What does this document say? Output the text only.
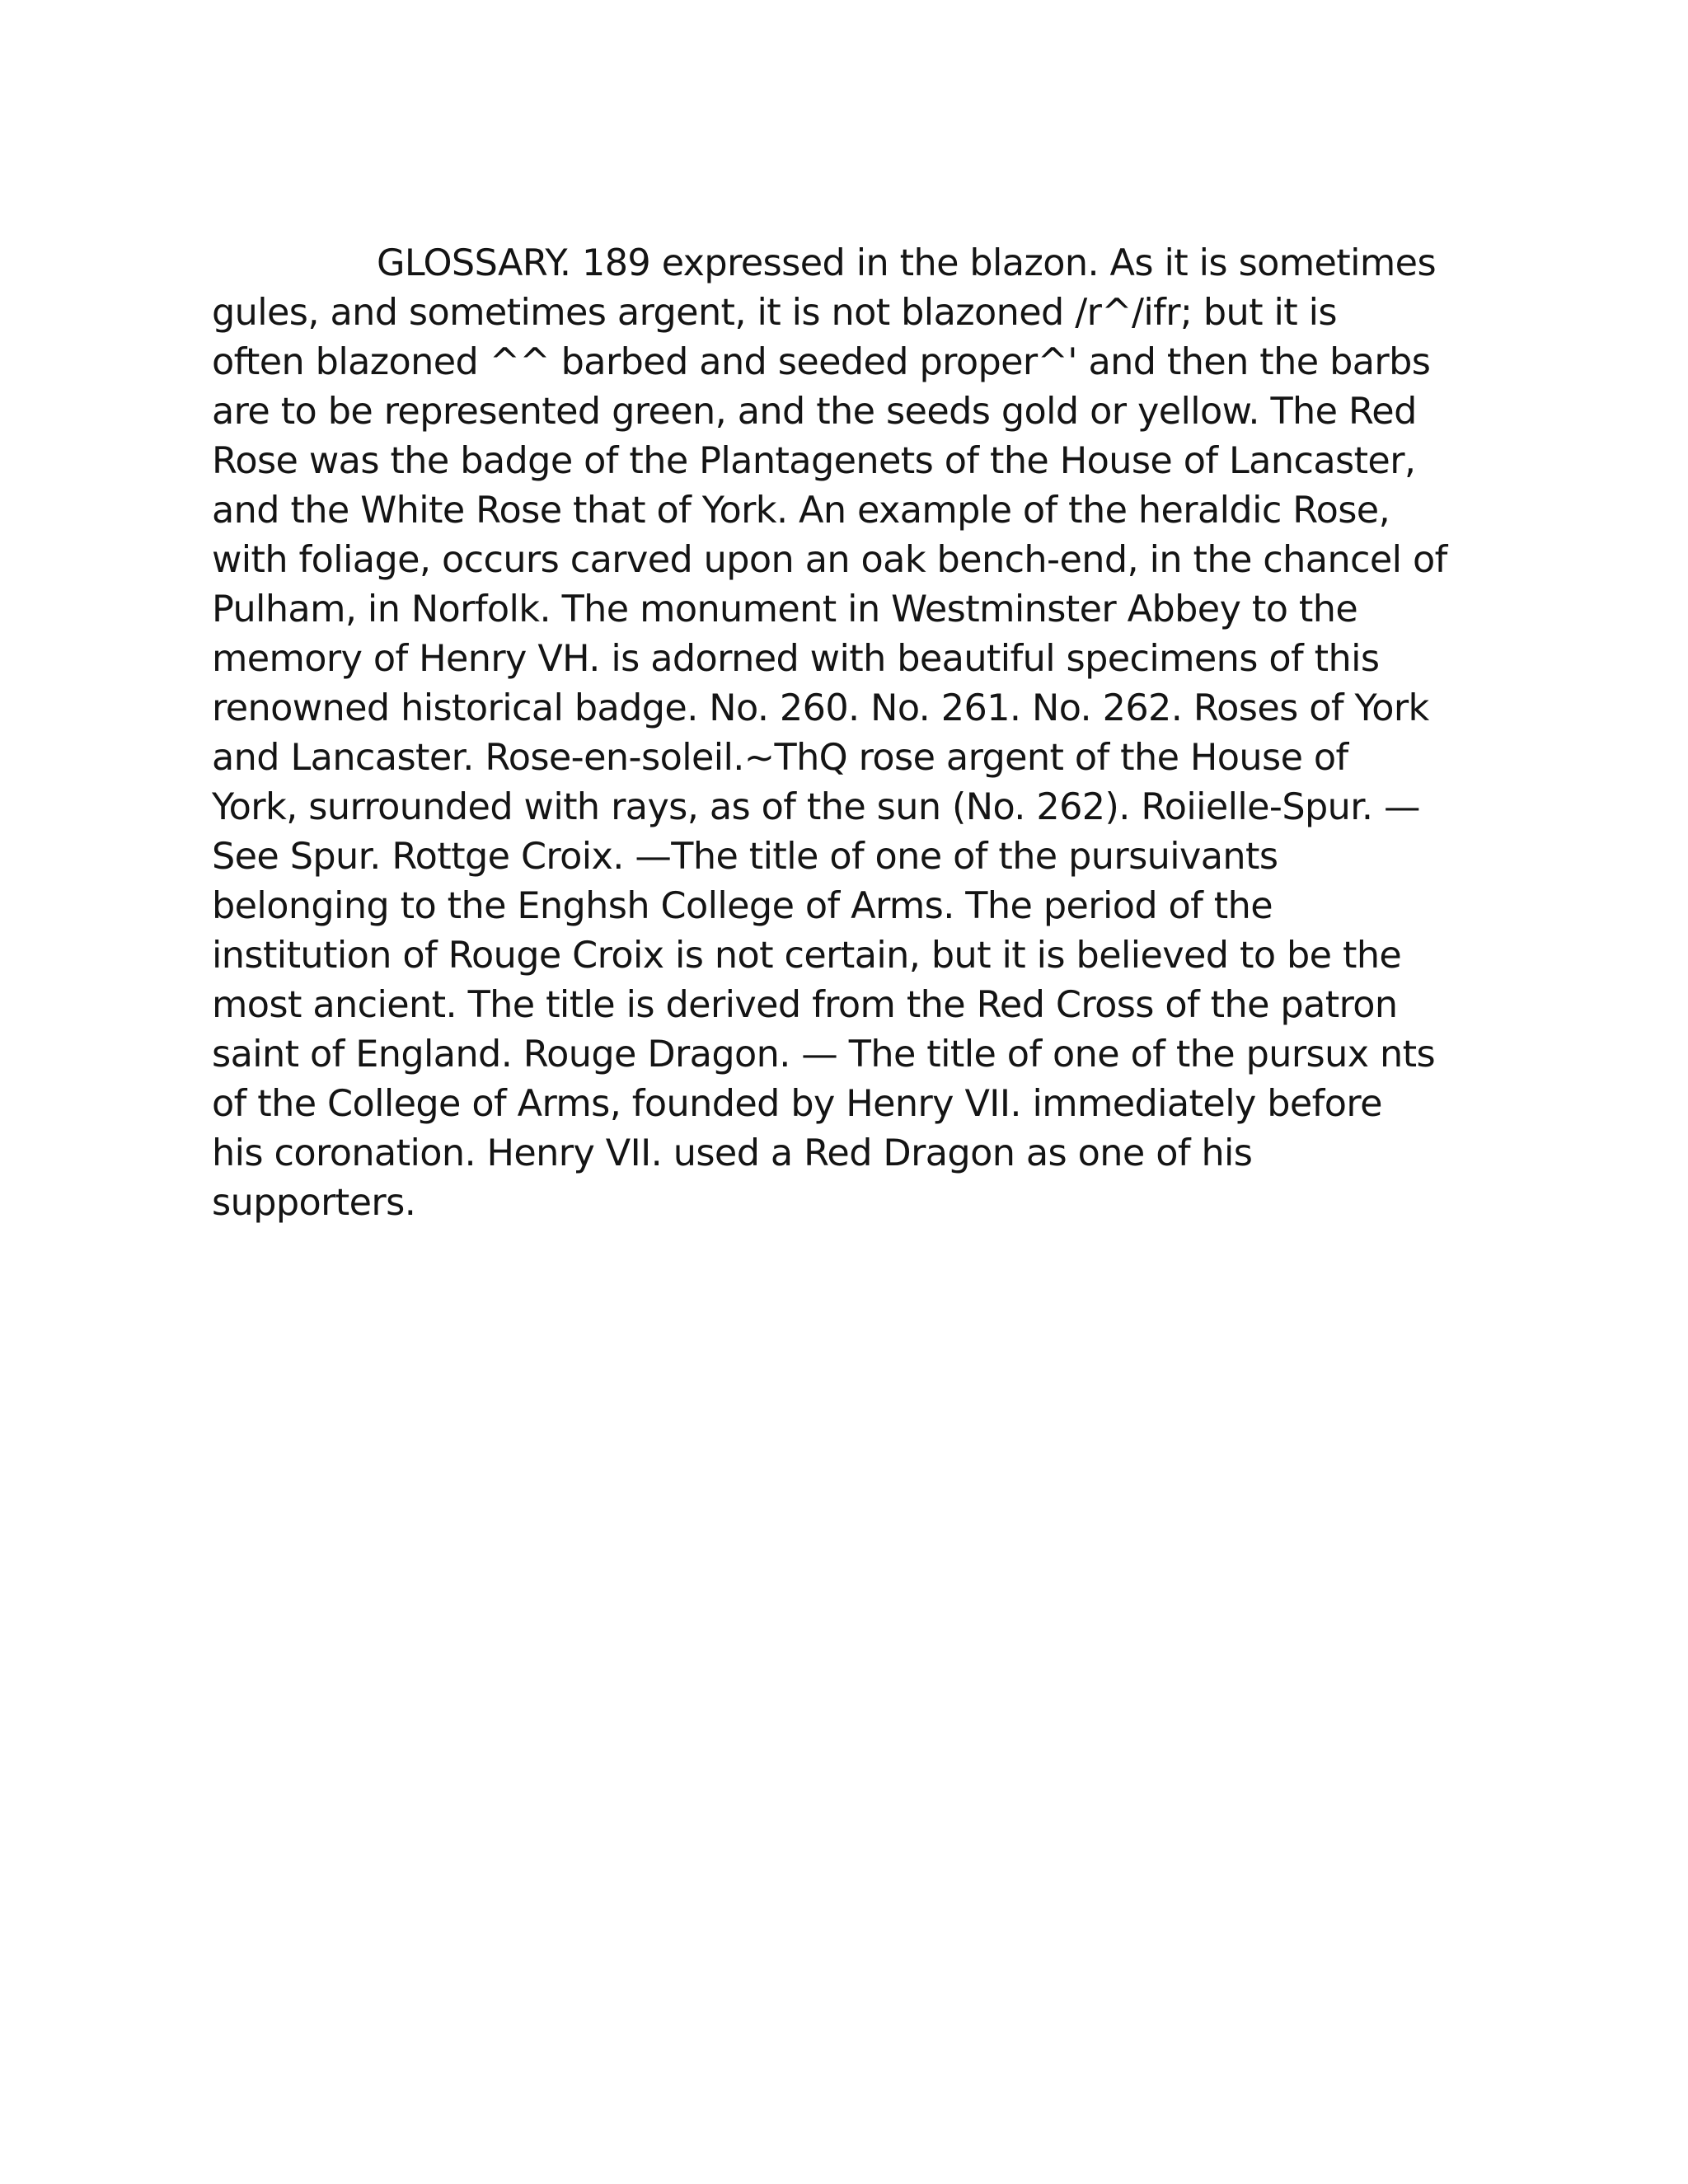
GLOSSARY. 189 expressed in the blazon. As it is sometimes
gules, and sometimes argent, it is not blazoned /r^/ifr; but it is
often blazoned ^^ barbed and seeded proper^' and then the barbs
are to be represented green, and the seeds gold or yellow. The Red
Rose was the badge of the Plantagenets of the House of Lancaster,
and the White Rose that of York. An example of the heraldic Rose,
with foliage, occurs carved upon an oak bench-end, in the chancel of
Pulham, in Norfolk. The monument in Westminster Abbey to the
memory of Henry VH. is adorned with beautiful specimens of this
renowned historical badge. No. 260. No. 261. No. 262. Roses of York
and Lancaster. Rose-en-soleil.~ThQ rose argent of the House of
York, surrounded with rays, as of the sun (No. 262). Roiielle-Spur. —
See Spur. Rottge Croix. —The title of one of the pursuivants
belonging to the Enghsh College of Arms. The period of the
institution of Rouge Croix is not certain, but it is believed to be the
most ancient. The title is derived from the Red Cross of the patron
saint of England. Rouge Dragon. — The title of one of the pursux nts
of the College of Arms, founded by Henry VII. immediately before
his coronation. Henry VII. used a Red Dragon as one of his
supporters.
